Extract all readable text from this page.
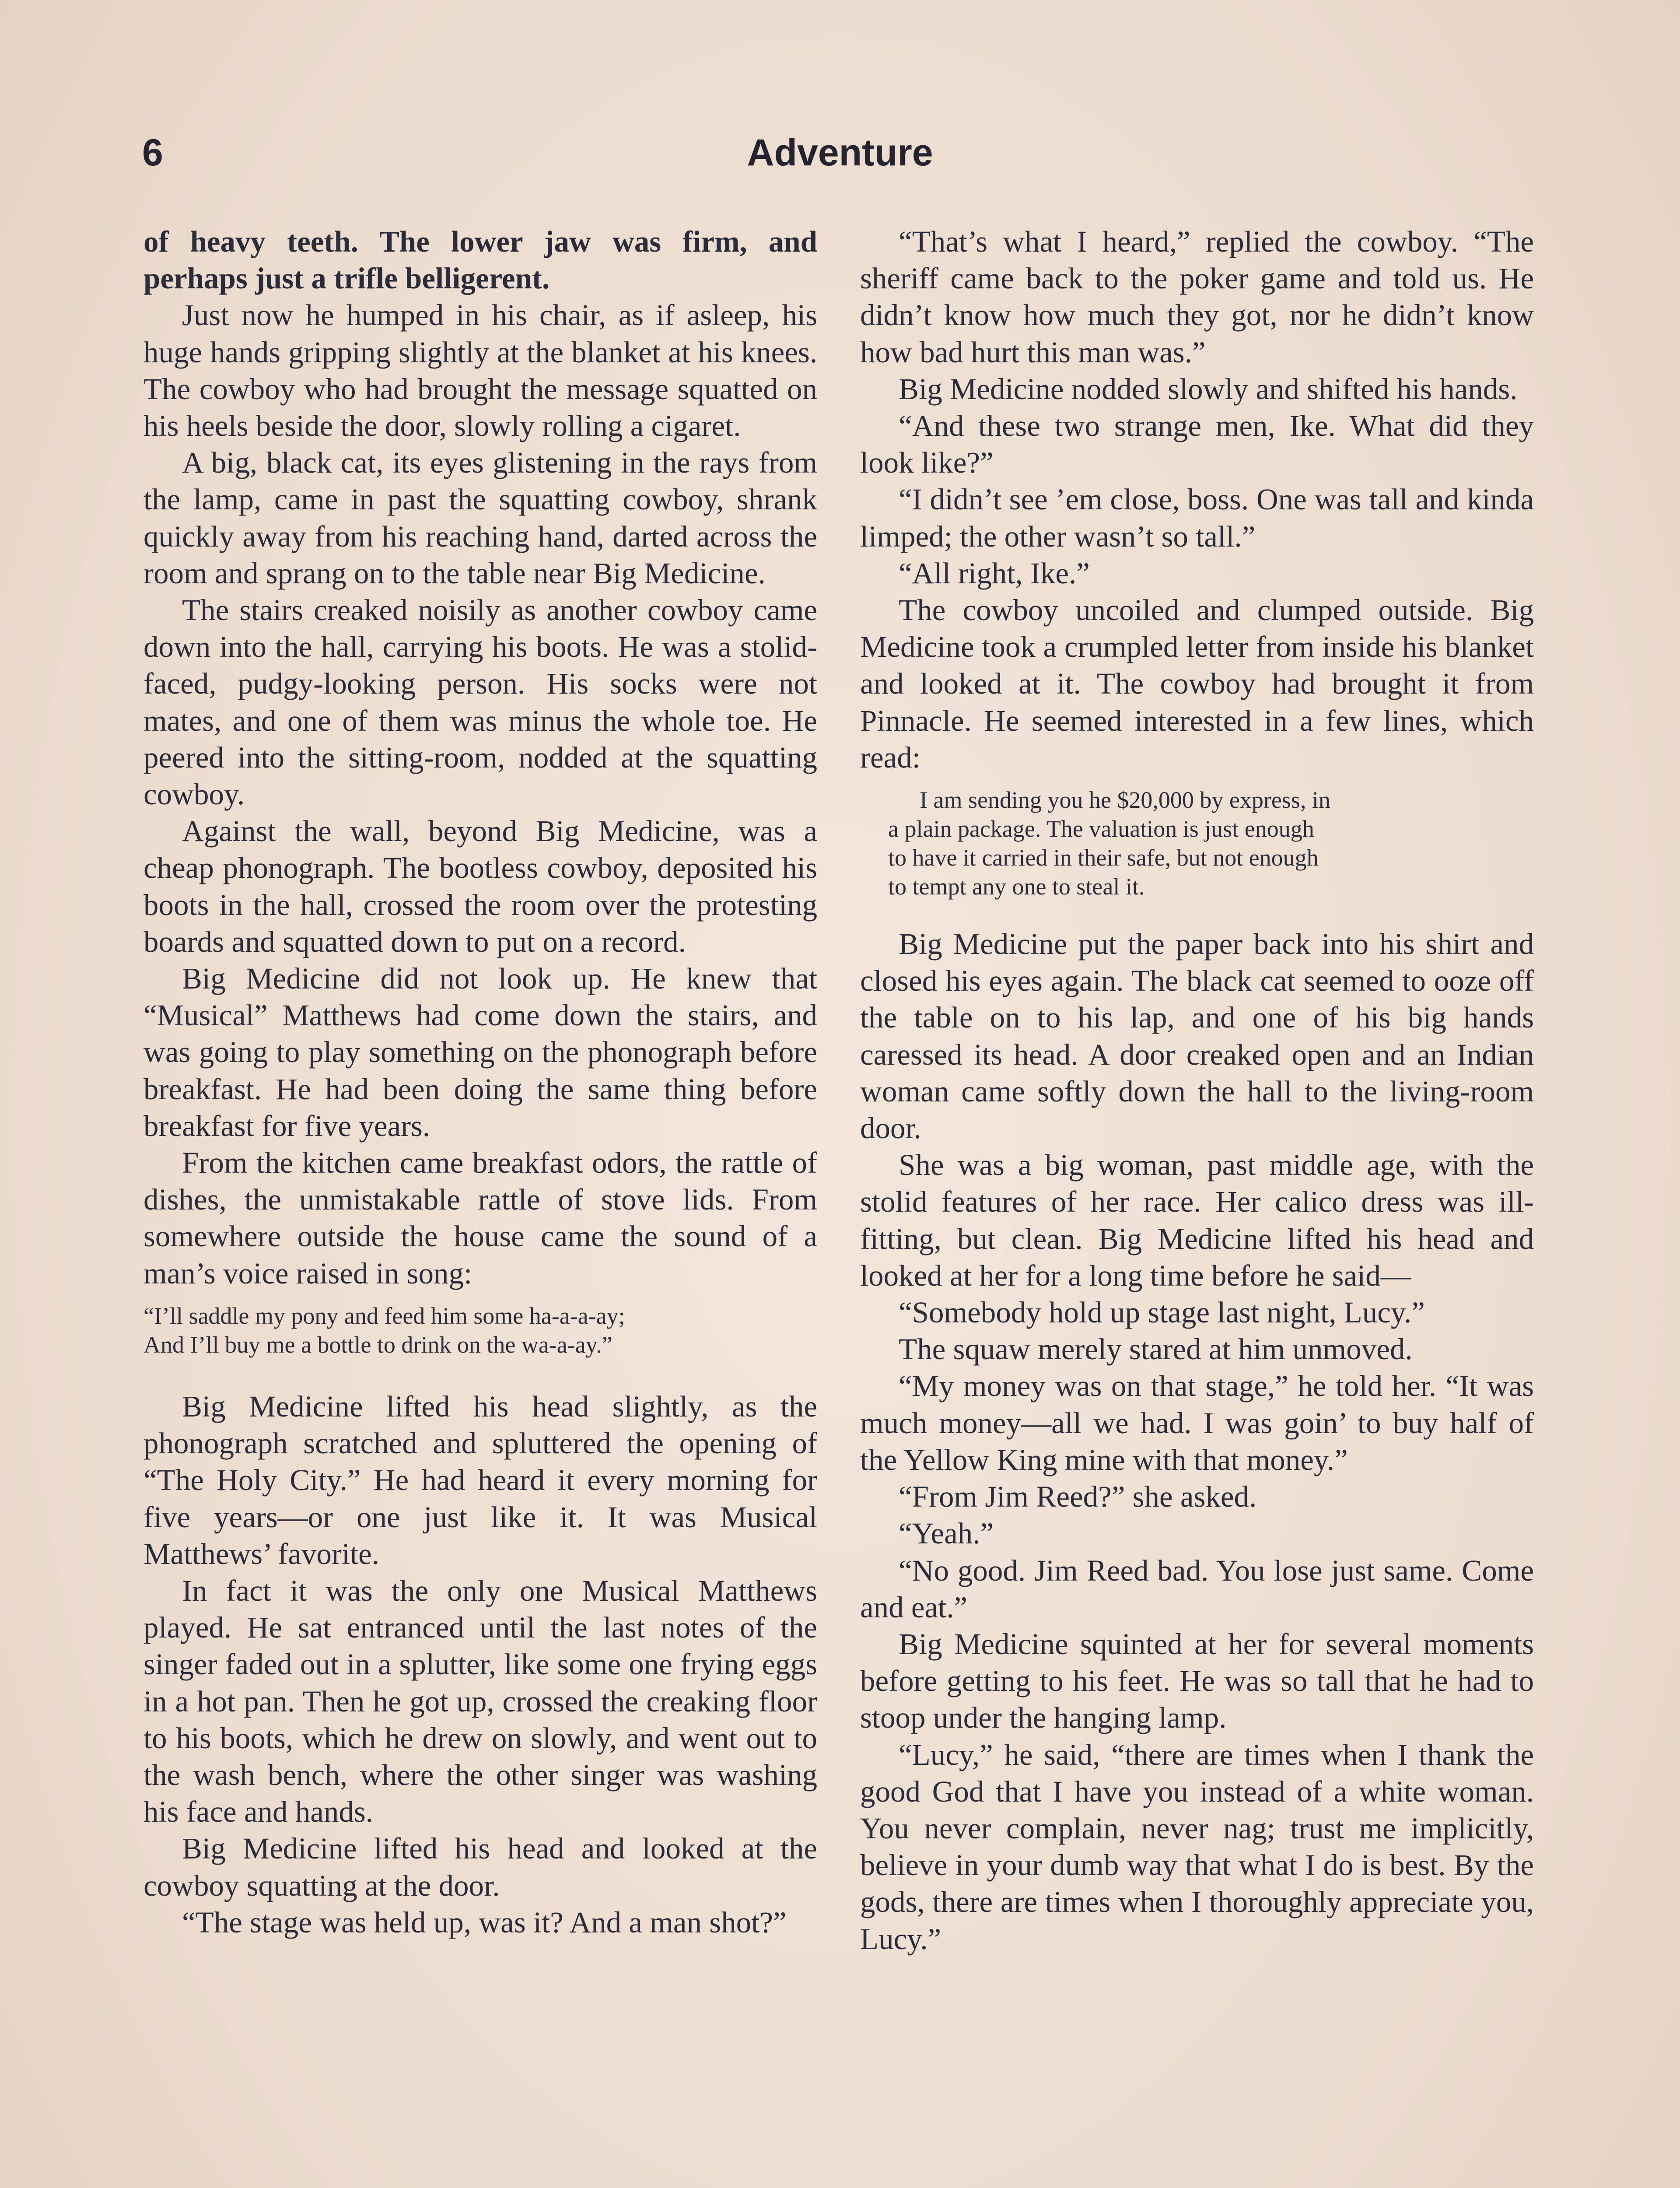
6	Adventure

of heavy teeth. The lower jaw was firm, and perhaps just a trifle belligerent.

Just now he humped in his chair, as if asleep, his huge hands gripping slightly at the blanket at his knees. The cowboy who had brought the message squatted on his heels beside the door, slowly rolling a cigaret.

A big, black cat, its eyes glistening in the rays from the lamp, came in past the squatting cowboy, shrank quickly away from his reaching hand, darted across the room and sprang on to the table near Big Medicine.

The stairs creaked noisily as another cowboy came down into the hall, carrying his boots. He was a stolid-faced, pudgy-looking person. His socks were not mates, and one of them was minus the whole toe. He peered into the sitting-room, nodded at the squatting cowboy.

Against the wall, beyond Big Medicine, was a cheap phonograph. The bootless cowboy, deposited his boots in the hall, crossed the room over the protesting boards and squatted down to put on a record.

Big Medicine did not look up. He knew that “Musical” Matthews had come down the stairs, and was going to play something on the phonograph before breakfast. He had been doing the same thing before breakfast for five years.

From the kitchen came breakfast odors, the rattle of dishes, the unmistakable rattle of stove lids. From somewhere outside the house came the sound of a man’s voice raised in song:

“I’ll saddle my pony and feed him some ha-a-a-ay;
And I’ll buy me a bottle to drink on the wa-a-ay.”

Big Medicine lifted his head slightly, as the phonograph scratched and spluttered the opening of “The Holy City.” He had heard it every morning for five years—or one just like it. It was Musical Matthews’ favorite.

In fact it was the only one Musical Matthews played. He sat entranced until the last notes of the singer faded out in a splutter, like some one frying eggs in a hot pan. Then he got up, crossed the creaking floor to his boots, which he drew on slowly, and went out to the wash bench, where the other singer was washing his face and hands.

Big Medicine lifted his head and looked at the cowboy squatting at the door.

“The stage was held up, was it? And a man shot?”

“That’s what I heard,” replied the cowboy. “The sheriff came back to the poker game and told us. He didn’t know how much they got, nor he didn’t know how bad hurt this man was.”

Big Medicine nodded slowly and shifted his hands.

“And these two strange men, Ike. What did they look like?”

“I didn’t see ’em close, boss. One was tall and kinda limped; the other wasn’t so tall.”

“All right, Ike.”

The cowboy uncoiled and clumped outside. Big Medicine took a crumpled letter from inside his blanket and looked at it. The cowboy had brought it from Pinnacle. He seemed interested in a few lines, which read:

I am sending you he $20,000 by express, in
a plain package. The valuation is just enough
to have it carried in their safe, but not enough
to tempt any one to steal it.

Big Medicine put the paper back into his shirt and closed his eyes again. The black cat seemed to ooze off the table on to his lap, and one of his big hands caressed its head. A door creaked open and an Indian woman came softly down the hall to the living-room door.

She was a big woman, past middle age, with the stolid features of her race. Her calico dress was ill-fitting, but clean. Big Medicine lifted his head and looked at her for a long time before he said—

“Somebody hold up stage last night, Lucy.”

The squaw merely stared at him unmoved.

“My money was on that stage,” he told her. “It was much money—all we had. I was goin’ to buy half of the Yellow King mine with that money.”

“From Jim Reed?” she asked.

“Yeah.”

“No good. Jim Reed bad. You lose just same. Come and eat.”

Big Medicine squinted at her for several moments before getting to his feet. He was so tall that he had to stoop under the hanging lamp.

“Lucy,” he said, “there are times when I thank the good God that I have you instead of a white woman. You never complain, never nag; trust me implicitly, believe in your dumb way that what I do is best. By the gods, there are times when I thoroughly appreciate you, Lucy.”
